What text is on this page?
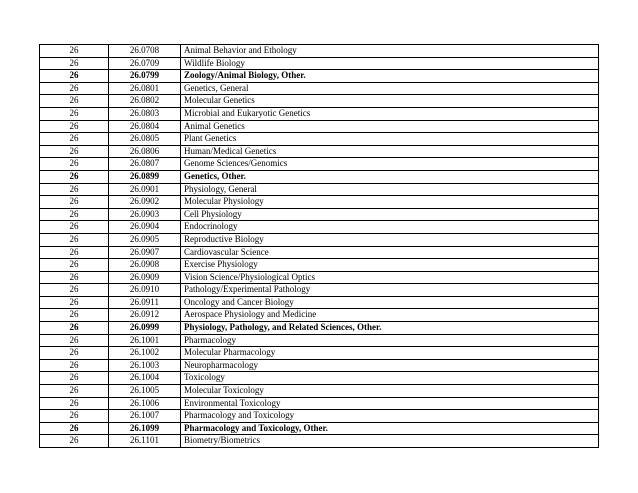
26	26.0708	Animal Behavior and Ethology
26	26.0709	Wildlife Biology
26	26.0799	Zoology/Animal Biology, Other.
26	26.0801	Genetics, General
26	26.0802	Molecular Genetics
26	26.0803	Microbial and Eukaryotic Genetics
26	26.0804	Animal Genetics
26	26.0805	Plant Genetics
26	26.0806	Human/Medical Genetics
26	26.0807	Genome Sciences/Genomics
26	26.0899	Genetics, Other.
26	26.0901	Physiology, General
26	26.0902	Molecular Physiology
26	26.0903	Cell Physiology
26	26.0904	Endocrinology
26	26.0905	Reproductive Biology
26	26.0907	Cardiovascular Science
26	26.0908	Exercise Physiology
26	26.0909	Vision Science/Physiological Optics
26	26.0910	Pathology/Experimental Pathology
26	26.0911	Oncology and Cancer Biology
26	26.0912	Aerospace Physiology and Medicine
26	26.0999	Physiology, Pathology, and Related Sciences, Other.
26	26.1001	Pharmacology
26	26.1002	Molecular Pharmacology
26	26.1003	Neuropharmacology
26	26.1004	Toxicology
26	26.1005	Molecular Toxicology
26	26.1006	Environmental Toxicology
26	26.1007	Pharmacology and Toxicology
26	26.1099	Pharmacology and Toxicology, Other.
26	26.1101	Biometry/Biometrics
